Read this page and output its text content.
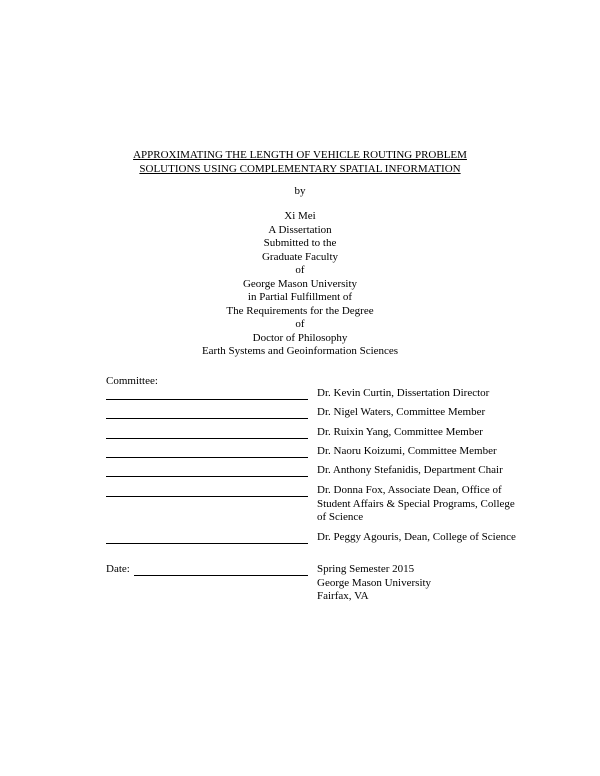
APPROXIMATING THE LENGTH OF VEHICLE ROUTING PROBLEM
SOLUTIONS USING COMPLEMENTARY SPATIAL INFORMATION
by
Xi Mei
A Dissertation
Submitted to the
Graduate Faculty
of
George Mason University
in Partial Fulfillment of
The Requirements for the Degree
of
Doctor of Philosophy
Earth Systems and Geoinformation Sciences
Committee:
Dr. Kevin Curtin, Dissertation Director
Dr. Nigel Waters, Committee Member
Dr. Ruixin Yang, Committee Member
Dr. Naoru Koizumi, Committee Member
Dr. Anthony Stefanidis, Department Chair
Dr. Donna Fox, Associate Dean, Office of Student Affairs & Special Programs, College of Science
Dr. Peggy Agouris, Dean, College of Science
Date:	Spring Semester 2015
George Mason University
Fairfax, VA
